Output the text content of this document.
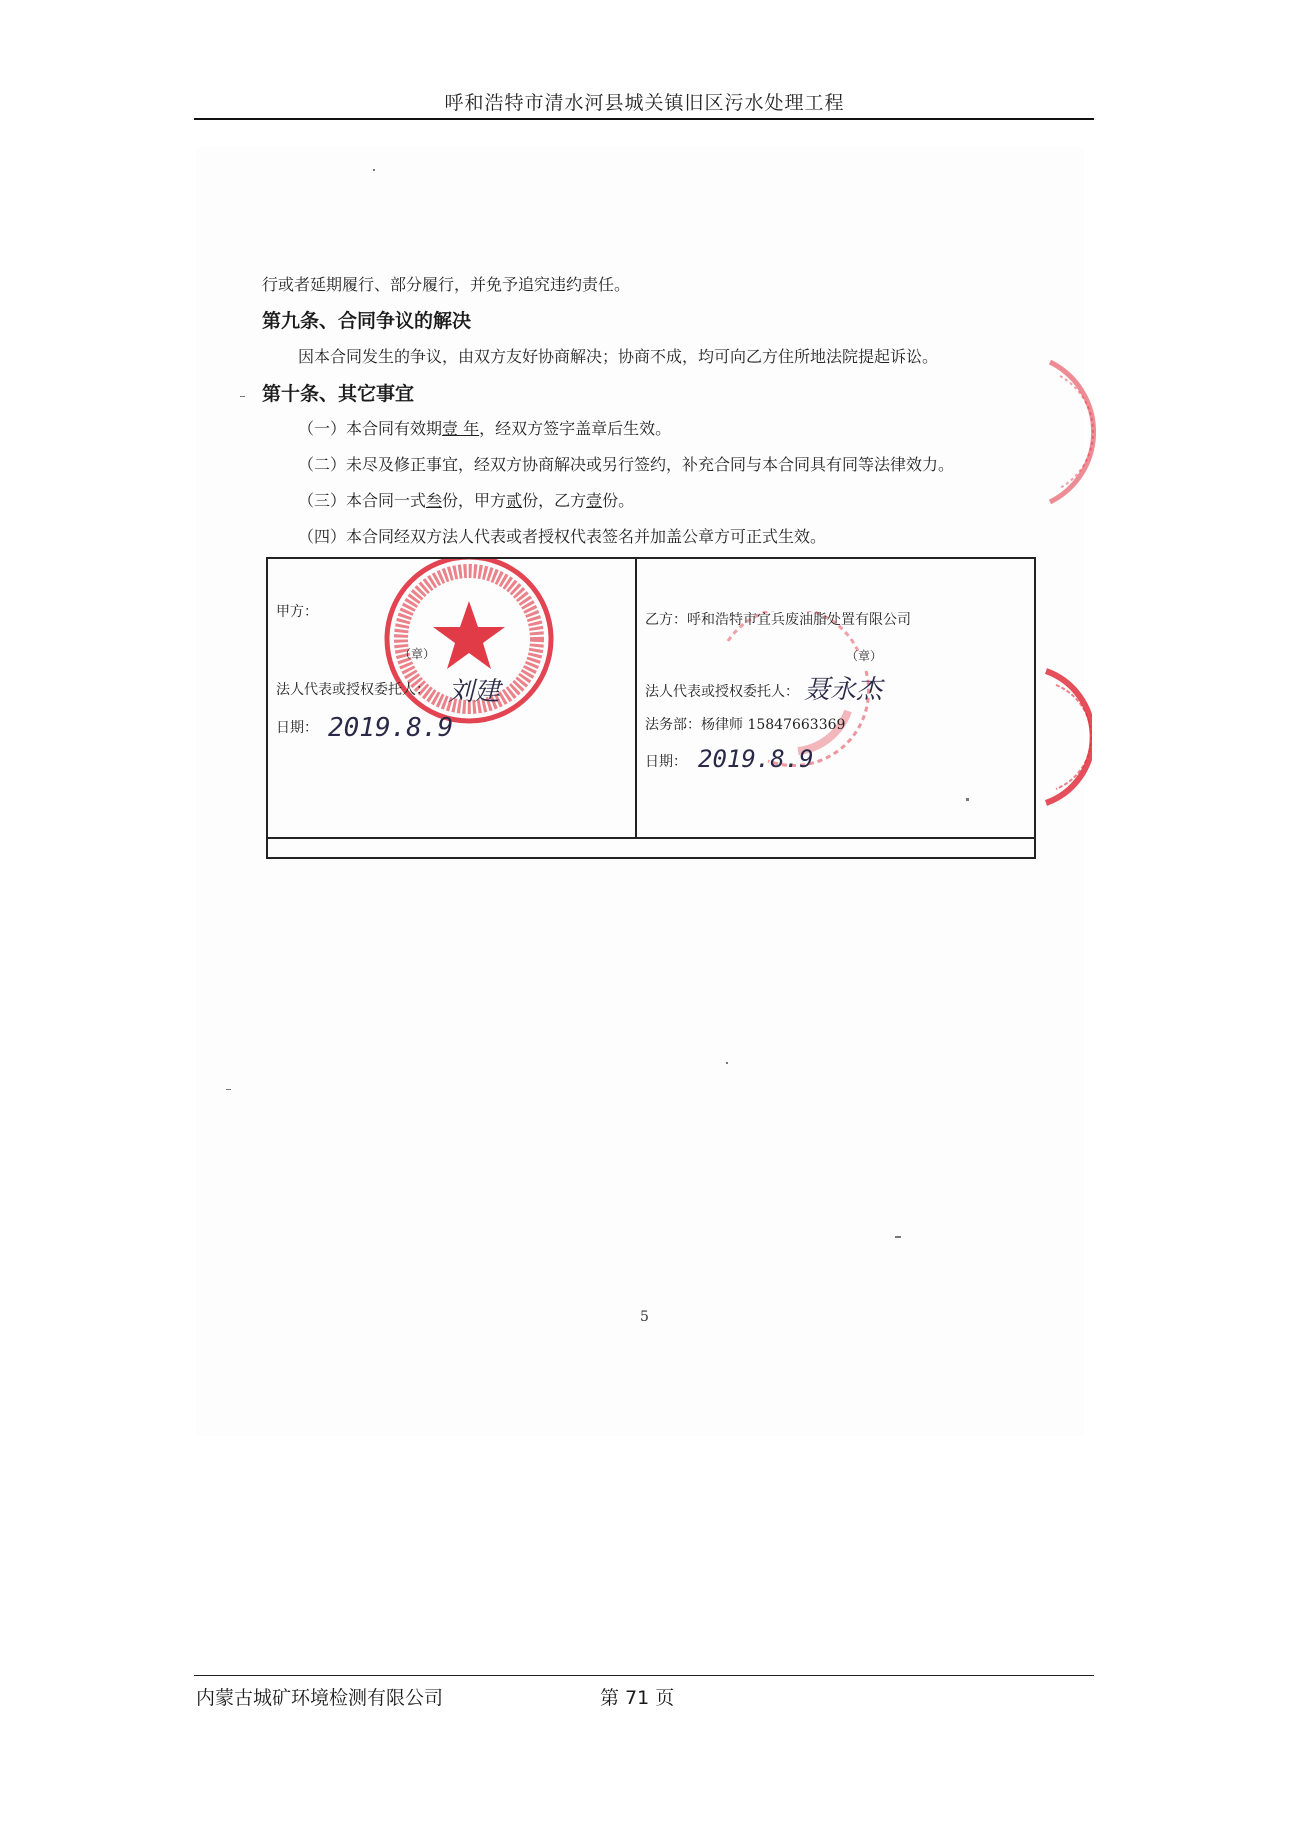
呼和浩特市清水河县城关镇旧区污水处理工程
行或者延期履行、部分履行，并免予追究违约责任。
第九条、合同争议的解决
因本合同发生的争议，由双方友好协商解决；协商不成，均可向乙方住所地法院提起诉讼。
第十条、其它事宜
（一）本合同有效期壹 年，经双方签字盖章后生效。
（二）未尽及修正事宜，经双方协商解决或另行签约，补充合同与本合同具有同等法律效力。
（三）本合同一式叁份，甲方贰份，乙方壹份。
（四）本合同经双方法人代表或者授权代表签名并加盖公章方可正式生效。
甲方：
（章）
法人代表或授权委托人： 刘建
日期： 2019.8.9
乙方：呼和浩特市宜兵废油脂处置有限公司
（章）
法人代表或授权委托人： 聂永杰
法务部：杨律师 15847663369
日期： 2019.8.9
5
内蒙古城矿环境检测有限公司	第 71 页
